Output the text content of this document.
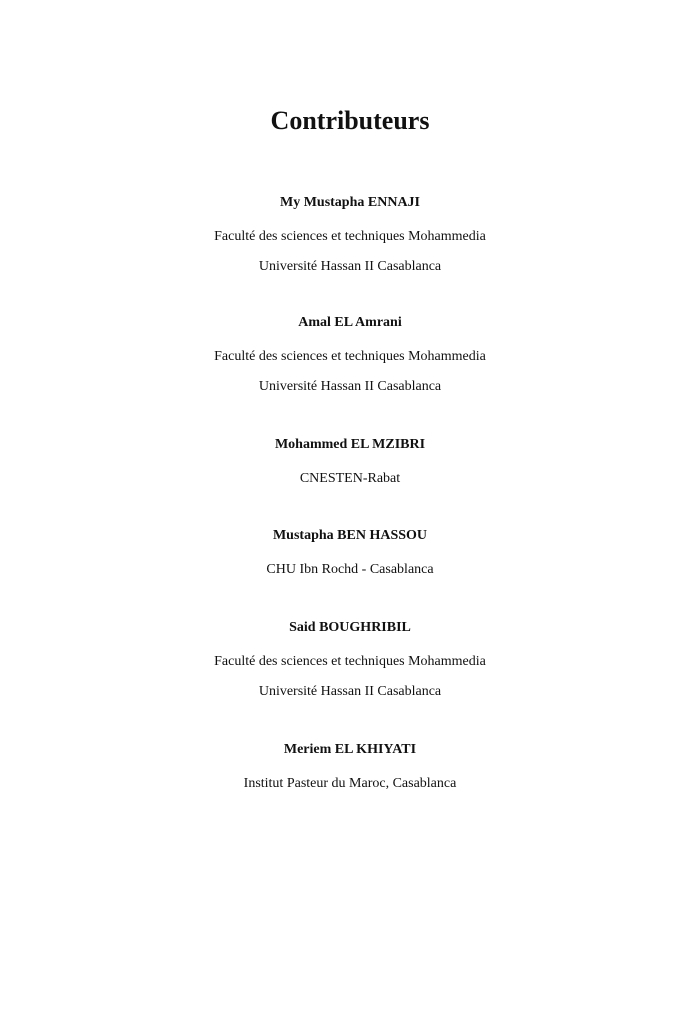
Contributeurs
My Mustapha ENNAJI
Faculté des sciences et techniques Mohammedia
Université Hassan II Casablanca
Amal EL Amrani
Faculté des sciences et techniques Mohammedia
Université Hassan II Casablanca
Mohammed EL MZIBRI
CNESTEN-Rabat
Mustapha BEN HASSOU
CHU Ibn Rochd - Casablanca
Said BOUGHRIBIL
Faculté des sciences et techniques Mohammedia
Université Hassan II Casablanca
Meriem EL KHIYATI
Institut Pasteur du Maroc, Casablanca
